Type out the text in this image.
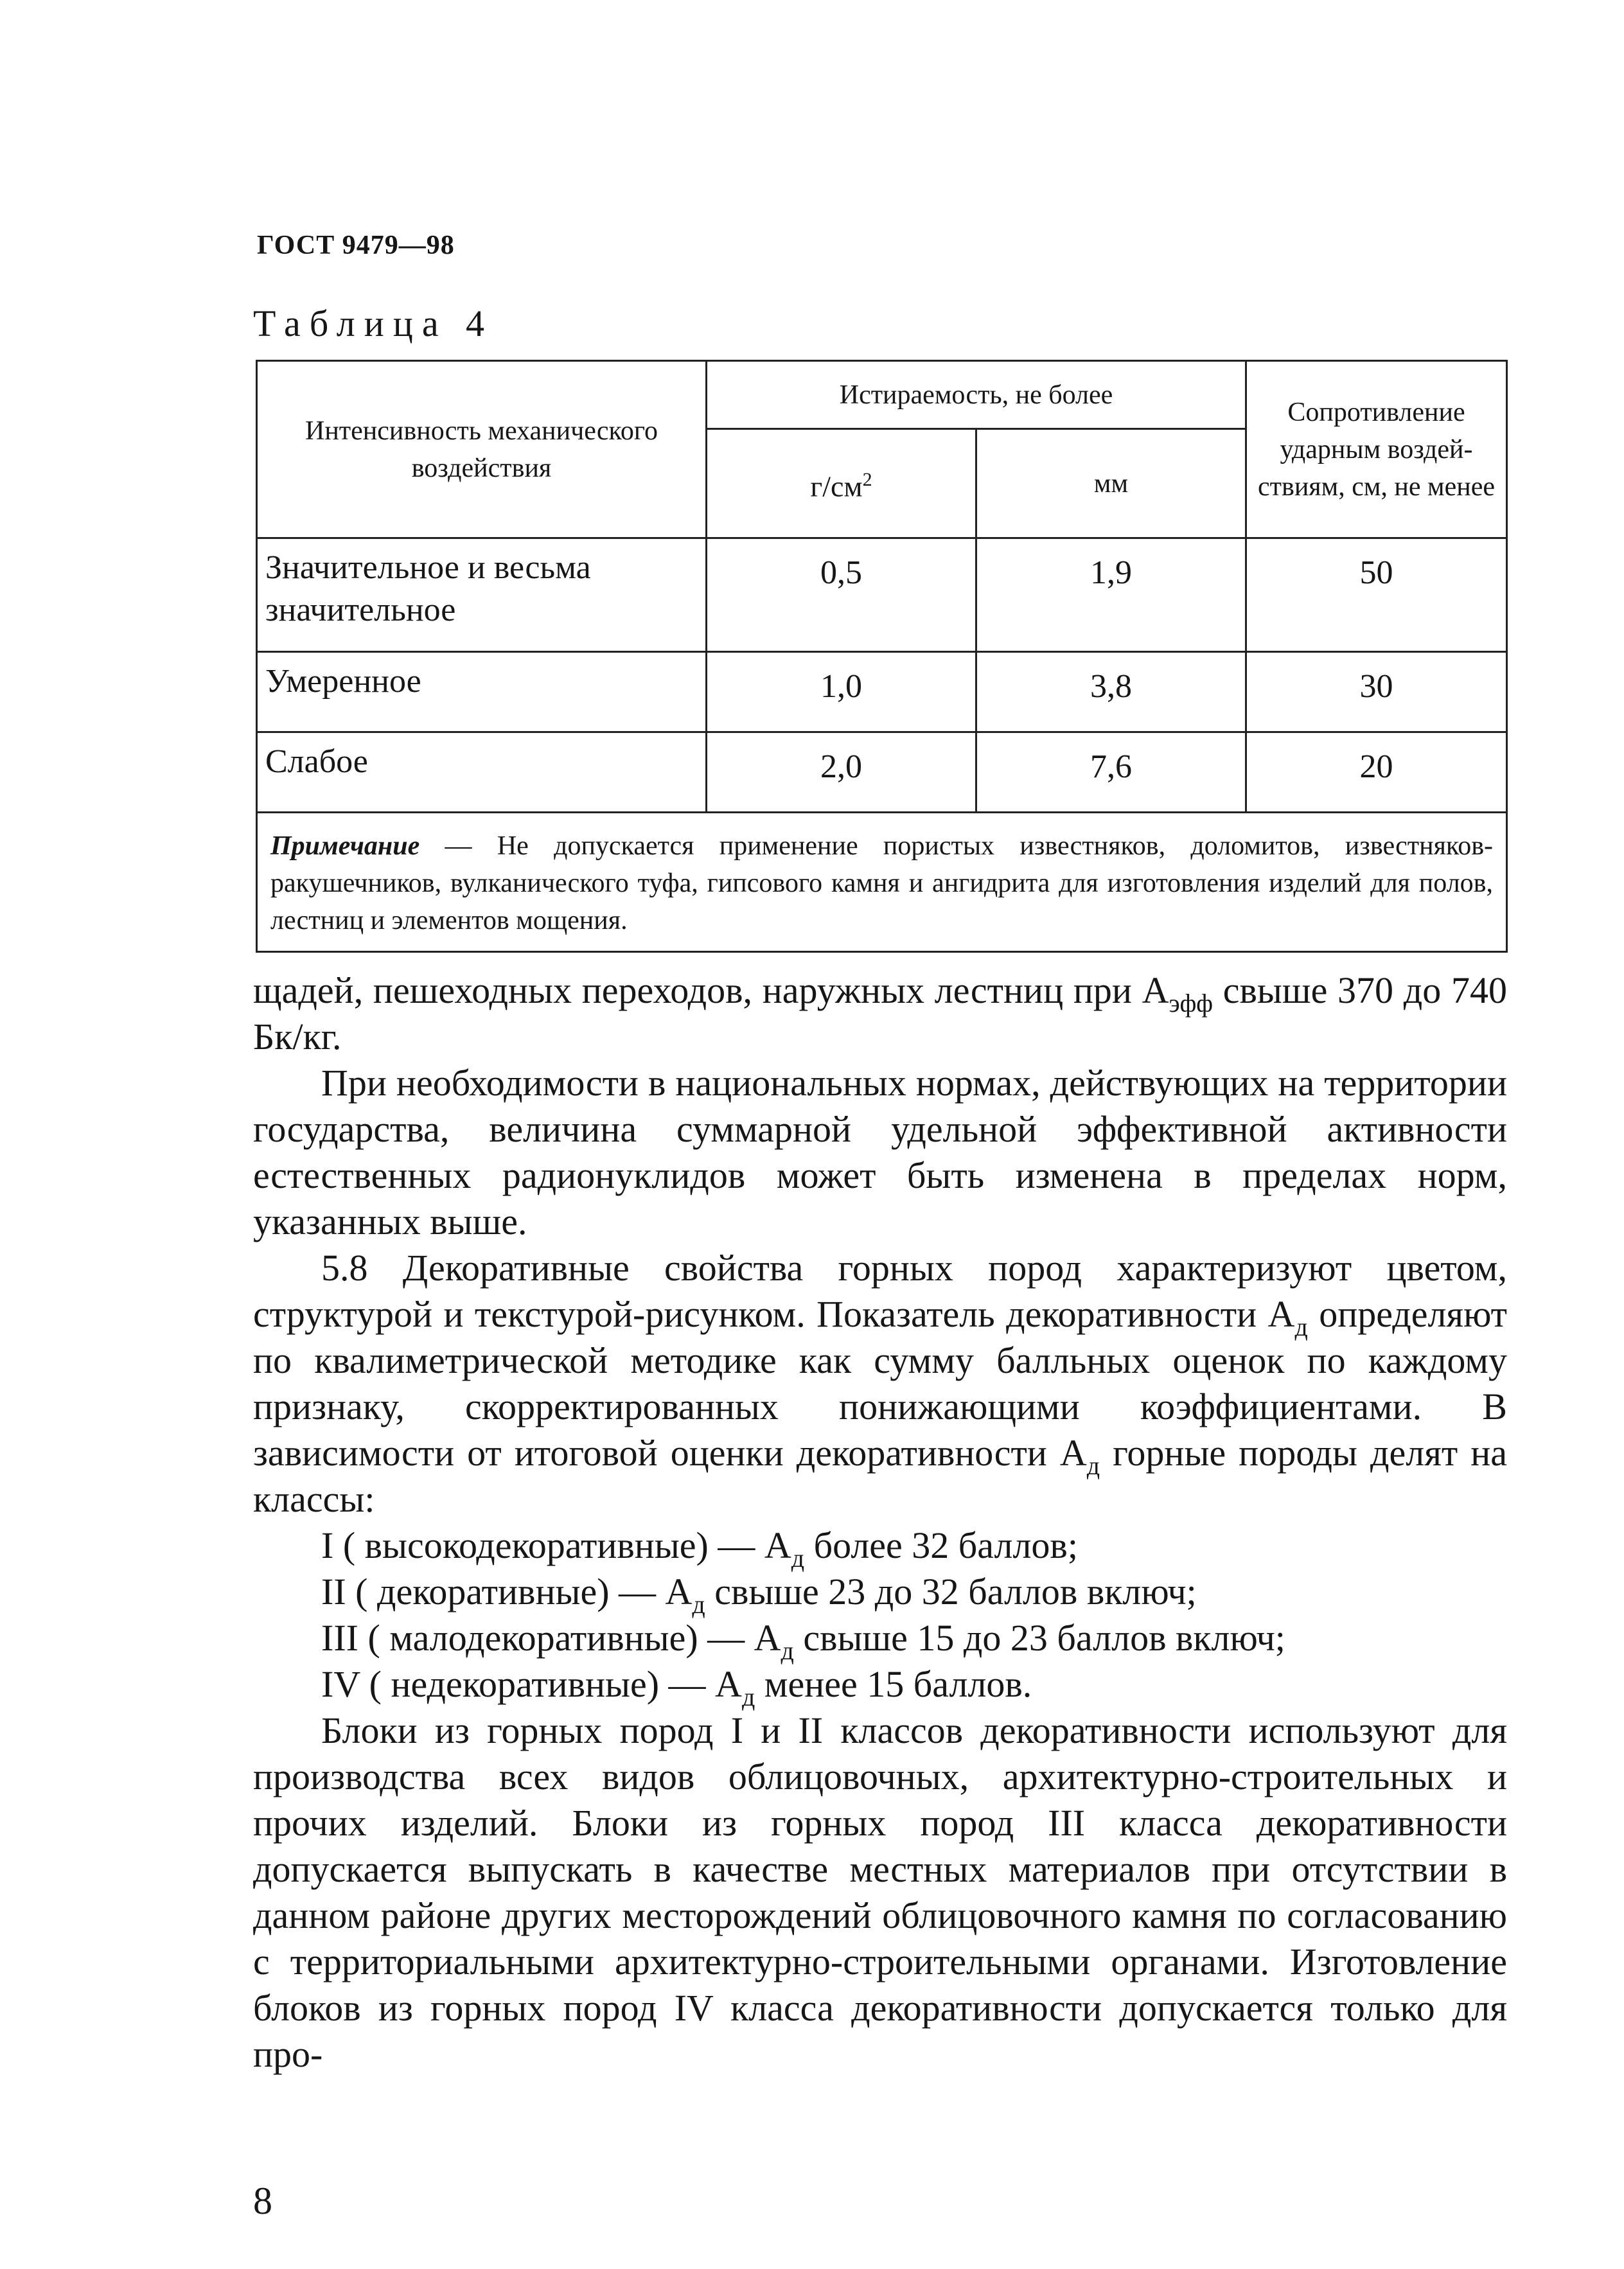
ГОСТ 9479—98
Таблица 4
Интенсивность механического воздействия	Истираемость, не более		Сопротивление ударным воздей-ствиям, см, не менее
	$г/см^2$	мм	
Значительное и весьма значительное	0,5	1,9	50
Умеренное	1,0	3,8	30
Слабое	2,0	7,6	20
Примечание — Не допускается применение пористых известняков, доломитов, известняков-ракушечников, вулканического туфа, гипсового камня и ангидрита для изготовления изделий для полов, лестниц и элементов мощения.			

щадей, пешеходных переходов, наружных лестниц при $А_{эфф}$ свыше 370 до 740 Бк/кг.

При необходимости в национальных нормах, действующих на территории государства, величина суммарной удельной эффективной активности естественных радионуклидов может быть изменена в пределах норм, указанных выше.

5.8 Декоративные свойства горных пород характеризуют цветом, структурой и текстурой-рисунком. Показатель декоративности $А_д$ определяют по квалиметрической методике как сумму балльных оценок по каждому признаку, скорректированных понижающими коэффициентами. В зависимости от итоговой оценки декоративности $А_д$ горные породы делят на классы:

I ( высокодекоративные) — $А_д$ более 32 баллов;

II ( декоративные) — $А_д$ свыше 23 до 32 баллов включ;

III ( малодекоративные) — $А_д$ свыше 15 до 23 баллов включ;

IV ( недекоративные) — $А_д$ менее 15 баллов.

Блоки из горных пород I и II классов декоративности используют для производства всех видов облицовочных, архитектурно-строительных и прочих изделий. Блоки из горных пород III класса декоративности допускается выпускать в качестве местных материалов при отсутствии в данном районе других месторождений облицовочного камня по согласованию с территориальными архитектурно-строительными органами. Изготовление блоков из горных пород IV класса декоративности допускается только для про-

8
